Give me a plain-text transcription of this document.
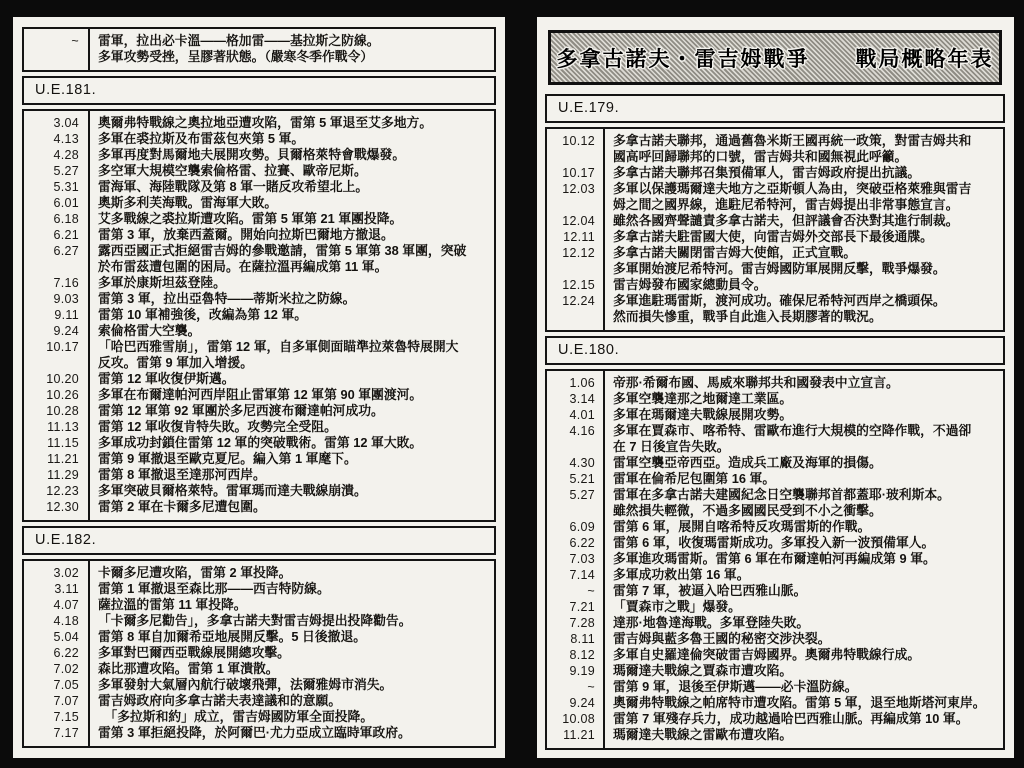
~	雷軍，拉出必卡溫——格加雷——基拉斯之防線。
多軍攻勢受挫，呈膠著狀態。（嚴寒冬季作戰令）
U.E.181.
3.04	奧爾弗特戰線之奧拉地亞遭攻陷，雷第 5 軍退至艾多地方。
4.13	多軍在裘拉斯及布雷茲包夾第 5 軍。
4.28	多軍再度對馬爾地夫展開攻勢。貝爾格萊特會戰爆發。
5.27	多空軍大規模空襲索倫格雷、拉賽、歐帝尼斯。
5.31	雷海軍、海陸戰隊及第 8 軍一賭反攻希望北上。
6.01	奧斯多利芙海戰。雷海軍大敗。
6.18	艾多戰線之裘拉斯遭攻陷。雷第 5 軍第 21 軍團投降。
6.21	雷第 3 軍，放棄西蓋爾。開始向拉斯巴爾地方撤退。
6.27	露西亞國正式拒絕雷吉姆的參戰邀請，雷第 5 軍第 38 軍團，突破
於布雷茲遭包圍的困局。在薩拉溫再編成第 11 軍。
7.16	多軍於康斯坦茲登陸。
9.03	雷第 3 軍，拉出亞魯特——蒂斯米拉之防線。
9.11	雷第 10 軍補強後，改編為第 12 軍。
9.24	索倫格雷大空襲。
10.17	「哈巴西雅雪崩」，雷第 12 軍，自多軍側面瞄準拉萊魯特展開大
反攻。雷第 9 軍加入增援。
10.20	雷第 12 軍收復伊斯邁。
10.26	多軍在布爾達帕河西岸阻止雷軍第 12 軍第 90 軍團渡河。
10.28	雷第 12 軍第 92 軍團於多尼西渡布爾達帕河成功。
11.13	雷第 12 軍收復肯特失敗。攻勢完全受阻。
11.15	多軍成功封鎖住雷第 12 軍的突破戰術。雷第 12 軍大敗。
11.21	雷第 9 軍撤退至歐克夏尼。編入第 1 軍麾下。
11.29	雷第 8 軍撤退至達那河西岸。
12.23	多軍突破貝爾格萊特。雷軍瑪而達夫戰線崩潰。
12.30	雷第 2 軍在卡爾多尼遭包圍。
U.E.182.
3.02	卡爾多尼遭攻陷，雷第 2 軍投降。
3.11	雷第 1 軍撤退至森比那——西吉特防線。
4.07	薩拉溫的雷第 11 軍投降。
4.18	「卡爾多尼勸告」，多拿古諾夫對雷吉姆提出投降勸告。
5.04	雷第 8 軍自加爾希亞地展開反擊。5 日後撤退。
6.22	多軍對巴爾西亞戰線展開總攻擊。
7.02	森比那遭攻陷。雷第 1 軍潰散。
7.05	多軍發射大氣層內航行破壞飛彈，法爾雅姆市消失。
7.07	雷吉姆政府向多拿古諾夫表達議和的意願。
7.15	　「多拉斯和約」成立，雷吉姆國防軍全面投降。
7.17	雷第 3 軍拒絕投降，於阿爾巴·尤力亞成立臨時軍政府。
多拿古諾夫・雷吉姆戰爭　　戰局概略年表
U.E.179.
10.12	多拿古諾夫聯邦，通過舊魯米斯王國再統一政策，對雷吉姆共和
國高呼回歸聯邦的口號，雷吉姆共和國無視此呼籲。
10.17	多拿古諾夫聯邦召集預備軍人，雷吉姆政府提出抗議。
12.03	多軍以保護瑪爾達夫地方之亞斯頓人為由，突破亞格萊雅與雷吉
姆之間之國界線，進駐尼希特河，雷吉姆提出非常事態宣言。
12.04	雖然各國齊聲譴責多拿古諾夫，但評議會否決對其進行制裁。
12.11	多拿古諾夫駐雷國大使，向雷吉姆外交部長下最後通牒。
12.12	多拿古諾夫關閉雷吉姆大使館，正式宣戰。
多軍開始渡尼希特河。雷吉姆國防軍展開反擊，戰爭爆發。
12.15	雷吉姆發布國家總動員令。
12.24	多軍進駐瑪雷斯，渡河成功。確保尼希特河西岸之橋頭保。
然而損失慘重，戰爭自此進入長期膠著的戰況。
U.E.180.
1.06	帝那·希爾布國、馬威來聯邦共和國發表中立宣言。
3.14	多軍空襲達那之地爾達工業區。
4.01	多軍在瑪爾達夫戰線展開攻勢。
4.16	多軍在賈森市、喀希特、雷歐布進行大規模的空降作戰，不過卻
在 7 日後宣告失敗。
4.30	雷軍空襲亞帝西亞。造成兵工廠及海軍的損傷。
5.21	雷軍在倫希尼包圍第 16 軍。
5.27	雷軍在多拿古諾夫建國紀念日空襲聯邦首都蓋耶·玻利斯本。
雖然損失輕微，不過多國國民受到不小之衝擊。
6.09	雷第 6 軍，展開自喀希特反攻瑪雷斯的作戰。
6.22	雷第 6 軍，收復瑪雷斯成功。多軍投入新一波預備軍人。
7.03	多軍進攻瑪雷斯。雷第 6 軍在布爾達帕河再編成第 9 軍。
7.14	多軍成功救出第 16 軍。
~	雷第 7 軍，被逼入哈巴西雅山脈。
7.21	「賈森市之戰」爆發。
7.28	達那·地魯達海戰。多軍登陸失敗。
8.11	雷吉姆與藍多魯王國的秘密交涉決裂。
8.12	多軍自史羅達倫突破雷吉姆國界。奧爾弗特戰線行成。
9.19	瑪爾達夫戰線之賈森市遭攻陷。
~	雷第 9 軍，退後至伊斯邁——必卡溫防線。
9.24	奧爾弗特戰線之帕席特市遭攻陷。雷第 5 軍，退至地斯塔河東岸。
10.08	雷第 7 軍殘存兵力，成功越過哈巴西雅山脈。再編成第 10 軍。
11.21	瑪爾達夫戰線之雷歐布遭攻陷。
